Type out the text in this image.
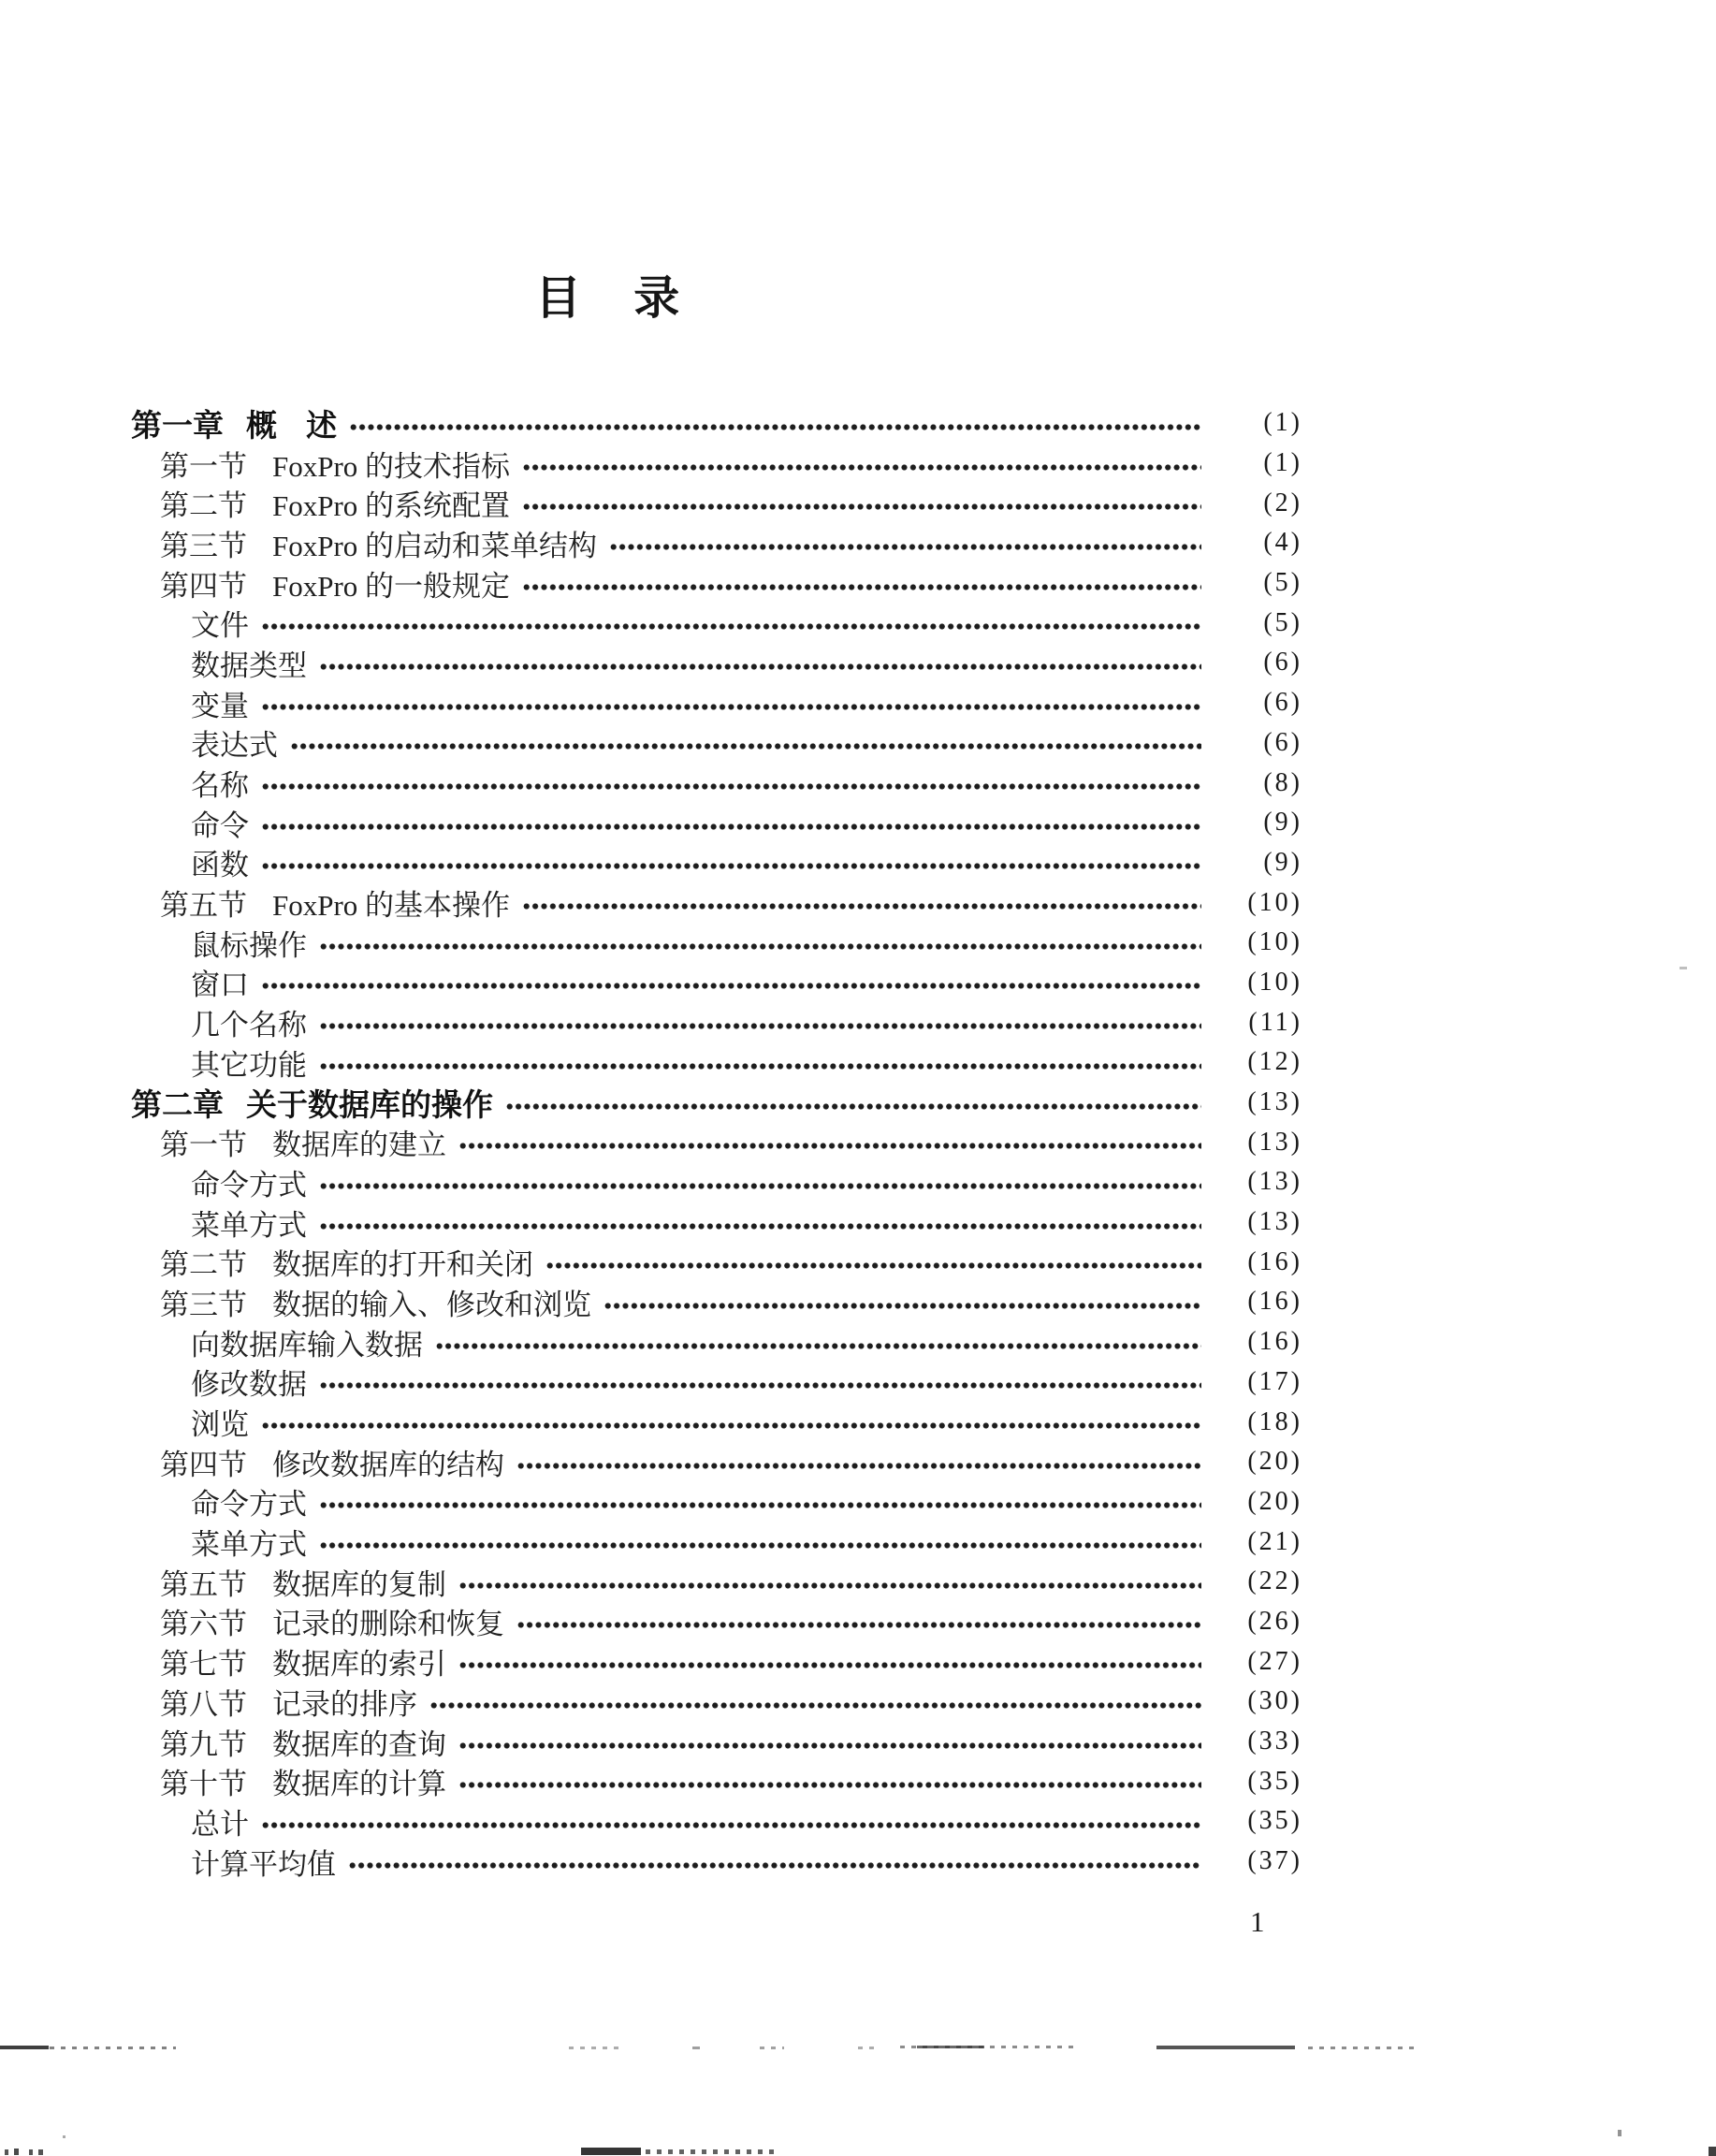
目 录
第一章 概 述	(1)
第一节 FoxPro 的技术指标	(1)
第二节 FoxPro 的系统配置	(2)
第三节 FoxPro 的启动和菜单结构	(4)
第四节 FoxPro 的一般规定	(5)
文件	(5)
数据类型	(6)
变量	(6)
表达式	(6)
名称	(8)
命令	(9)
函数	(9)
第五节 FoxPro 的基本操作	(10)
鼠标操作	(10)
窗口	(10)
几个名称	(11)
其它功能	(12)
第二章 关于数据库的操作	(13)
第一节 数据库的建立	(13)
命令方式	(13)
菜单方式	(13)
第二节 数据库的打开和关闭	(16)
第三节 数据的输入、修改和浏览	(16)
向数据库输入数据	(16)
修改数据	(17)
浏览	(18)
第四节 修改数据库的结构	(20)
命令方式	(20)
菜单方式	(21)
第五节 数据库的复制	(22)
第六节 记录的删除和恢复	(26)
第七节 数据库的索引	(27)
第八节 记录的排序	(30)
第九节 数据库的查询	(33)
第十节 数据库的计算	(35)
总计	(35)
计算平均值	(37)
1
